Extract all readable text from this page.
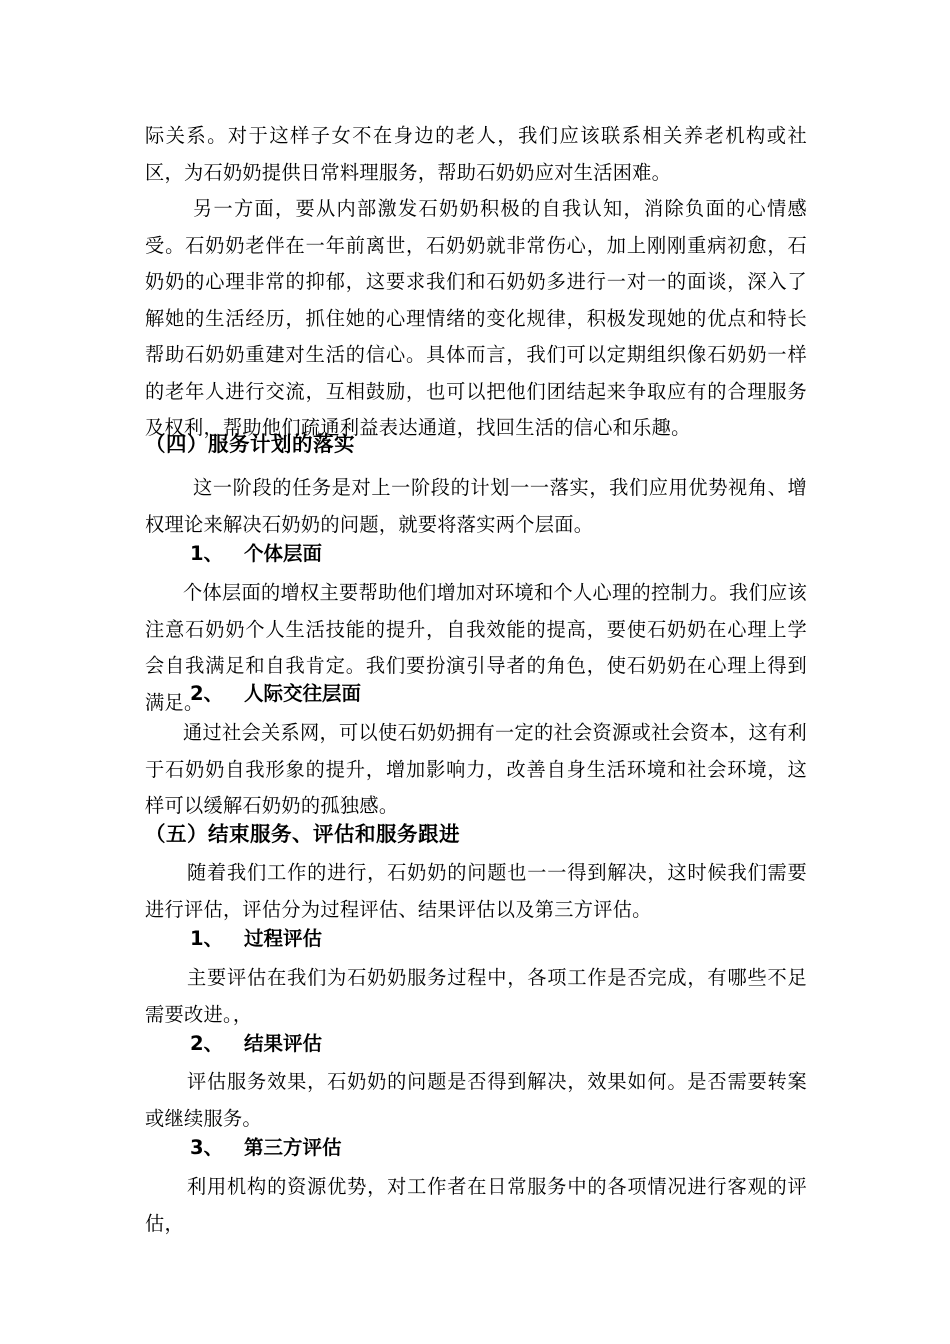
际关系。对于这样子女不在身边的老人，我们应该联系相关养老机构或社区，为石奶奶提供日常料理服务，帮助石奶奶应对生活困难。

另一方面，要从内部激发石奶奶积极的自我认知，消除负面的心情感受。石奶奶老伴在一年前离世，石奶奶就非常伤心，加上刚刚重病初愈，石奶奶的心理非常的抑郁，这要求我们和石奶奶多进行一对一的面谈，深入了解她的生活经历，抓住她的心理情绪的变化规律，积极发现她的优点和特长帮助石奶奶重建对生活的信心。具体而言，我们可以定期组织像石奶奶一样的老年人进行交流，互相鼓励，也可以把他们团结起来争取应有的合理服务及权利，帮助他们疏通利益表达通道，找回生活的信心和乐趣。

（四）服务计划的落实

这一阶段的任务是对上一阶段的计划一一落实，我们应用优势视角、增权理论来解决石奶奶的问题，就要将落实两个层面。

1、 个体层面

个体层面的增权主要帮助他们增加对环境和个人心理的控制力。我们应该注意石奶奶个人生活技能的提升，自我效能的提高，要使石奶奶在心理上学会自我满足和自我肯定。我们要扮演引导者的角色，使石奶奶在心理上得到满足。

2、 人际交往层面

通过社会关系网，可以使石奶奶拥有一定的社会资源或社会资本，这有利于石奶奶自我形象的提升，增加影响力，改善自身生活环境和社会环境，这样可以缓解石奶奶的孤独感。

（五）结束服务、评估和服务跟进

随着我们工作的进行，石奶奶的问题也一一得到解决，这时候我们需要进行评估，评估分为过程评估、结果评估以及第三方评估。

1、 过程评估

主要评估在我们为石奶奶服务过程中，各项工作是否完成，有哪些不足需要改进。，

2、 结果评估

评估服务效果，石奶奶的问题是否得到解决，效果如何。是否需要转案或继续服务。

3、 第三方评估

利用机构的资源优势，对工作者在日常服务中的各项情况进行客观的评估，
